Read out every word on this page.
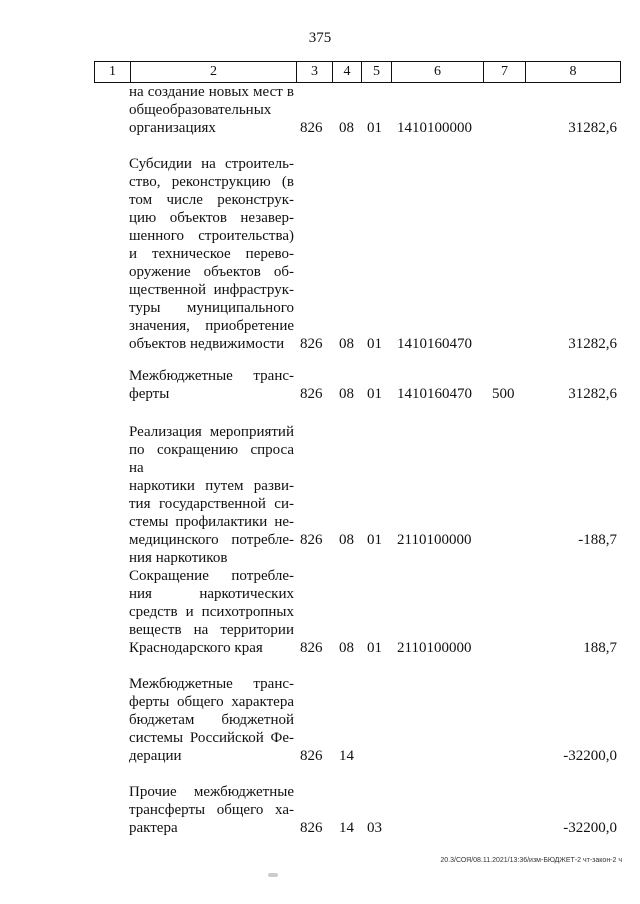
375
1	2	3	4	5	6	7	8
на создание новых мест в
общеобразовательных
организациях	826 08 01 1410100000	31282,6
Субсидии на строитель-
ство, реконструкцию (в
том числе реконструк-
цию объектов незавер-
шенного строительства)
и техническое перево-
оружение объектов об-
щественной инфраструк-
туры муниципального
значения, приобретение
объектов недвижимости	826 08 01 1410160470	31282,6
Межбюджетные транс-
ферты	826 08 01 1410160470 500	31282,6
Реализация мероприятий
по сокращению спроса на
наркотики путем разви-
тия государственной си-
стемы профилактики не-
медицинского потребле-
ния наркотиков
826 08 01 2110100000	-188,7
Сокращение потребле-
ния наркотических
средств и психотропных
веществ на территории
Краснодарского края	826 08 01 2110100000	188,7
Межбюджетные транс-
ферты общего характера
бюджетам бюджетной
системы Российской Фе-
дерации	826 14	-32200,0
Прочие межбюджетные
трансферты общего ха-
рактера	826 14 03	-32200,0
20.3/СОЯ/08.11.2021/13:36/изм-БЮДЖЕТ-2 чт-закон-2 ч
